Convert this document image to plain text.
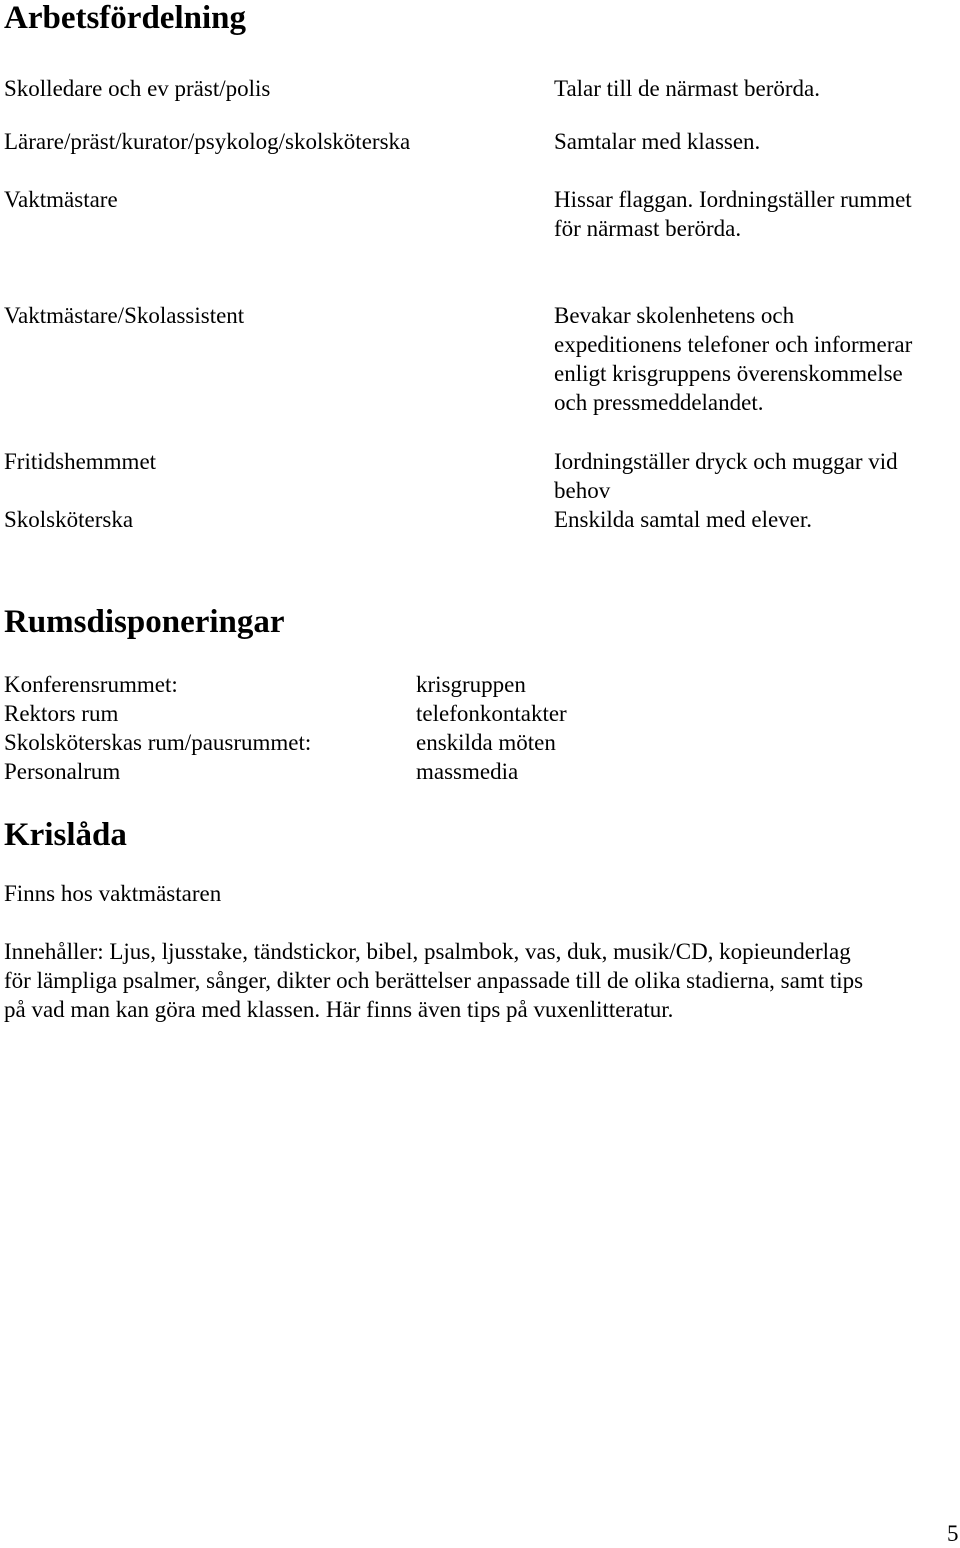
Arbetsfördelning
Skolledare och ev präst/polis	Talar till de närmast berörda.
Lärare/präst/kurator/psykolog/skolsköterska	Samtalar med klassen.
Vaktmästare	Hissar flaggan. Iordningställer rummet
för närmast berörda.
Vaktmästare/Skolassistent	Bevakar skolenhetens och
expeditionens telefoner och informerar
enligt krisgruppens överenskommelse
och pressmeddelandet.
Fritidshemmmet	Iordningställer dryck och muggar vid
behov
Skolsköterska	Enskilda samtal med elever.
Rumsdisponeringar
Konferensrummet:	krisgruppen
Rektors rum	telefonkontakter
Skolsköterskas rum/pausrummet:	enskilda möten
Personalrum	massmedia
Krislåda
Finns hos vaktmästaren
Innehåller: Ljus, ljusstake, tändstickor, bibel, psalmbok, vas, duk, musik/CD, kopieunderlag
för lämpliga psalmer, sånger, dikter och berättelser anpassade till de olika stadierna, samt tips
på vad man kan göra med klassen. Här finns även tips på vuxenlitteratur.
5
